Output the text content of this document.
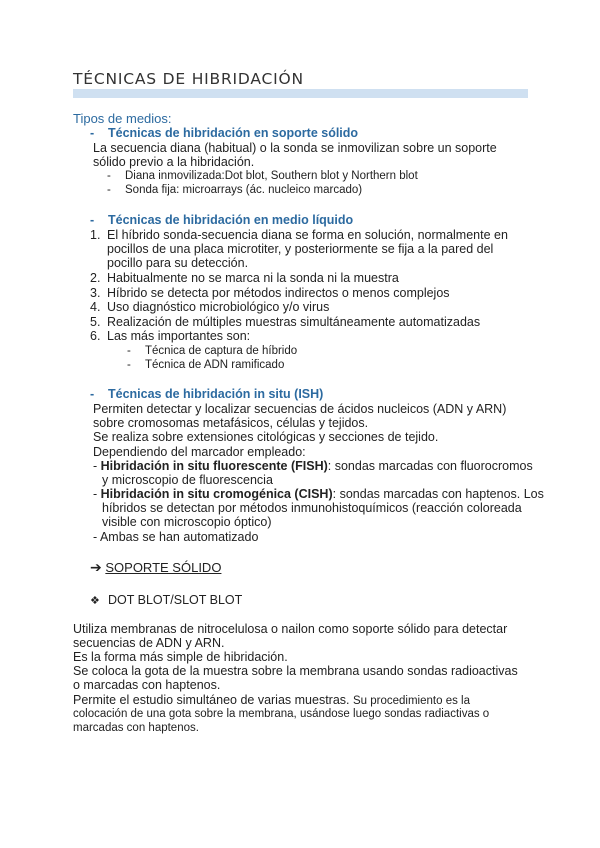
TÉCNICAS DE HIBRIDACIÓN
Tipos de medios:
- Técnicas de hibridación en soporte sólido
La secuencia diana (habitual) o la sonda se inmovilizan sobre un soporte
sólido previo a la hibridación.
- Diana inmovilizada:Dot blot, Southern blot y Northern blot
- Sonda fija: microarrays (ác. nucleico marcado)
- Técnicas de hibridación en medio líquido
1. El híbrido sonda-secuencia diana se forma en solución, normalmente en
pocillos de una placa microtiter, y posteriormente se fija a la pared del
pocillo para su detección.
2. Habitualmente no se marca ni la sonda ni la muestra
3. Híbrido se detecta por métodos indirectos o menos complejos
4. Uso diagnóstico microbiológico y/o virus
5. Realización de múltiples muestras simultáneamente automatizadas
6. Las más importantes son:
- Técnica de captura de híbrido
- Técnica de ADN ramificado
- Técnicas de hibridación in situ (ISH)
Permiten detectar y localizar secuencias de ácidos nucleicos (ADN y ARN)
sobre cromosomas metafásicos, células y tejidos.
Se realiza sobre extensiones citológicas y secciones de tejido.
Dependiendo del marcador empleado:
- Hibridación in situ fluorescente (FISH): sondas marcadas con fluorocromos
y microscopio de fluorescencia
- Hibridación in situ cromogénica (CISH): sondas marcadas con haptenos. Los
híbridos se detectan por métodos inmunohistoquímicos (reacción coloreada
visible con microscopio óptico)
- Ambas se han automatizado
➔ SOPORTE SÓLIDO
❖ DOT BLOT/SLOT BLOT
Utiliza membranas de nitrocelulosa o nailon como soporte sólido para detectar
secuencias de ADN y ARN.
Es la forma más simple de hibridación.
Se coloca la gota de la muestra sobre la membrana usando sondas radioactivas
o marcadas con haptenos.
Permite el estudio simultáneo de varias muestras. Su procedimiento es la
colocación de una gota sobre la membrana, usándose luego sondas radiactivas o
marcadas con haptenos.
